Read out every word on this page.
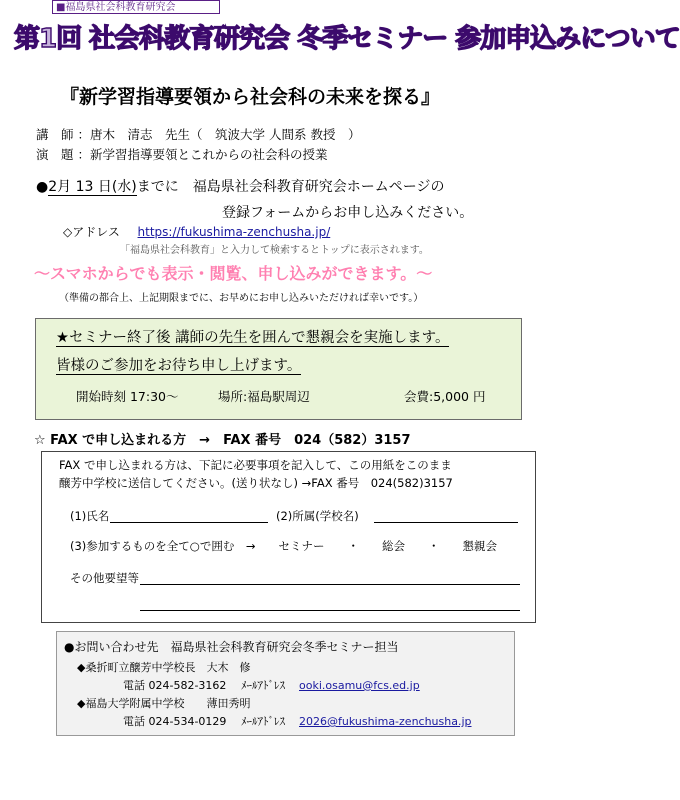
■福島県社会科教育研究会
第1回 社会科教育研究会 冬季セミナー 参加申込みについて
『新学習指導要領から社会科の未来を探る』
講　師 ：唐木　清志　先生（　筑波大学 人間系 教授　）
演　題 ：新学習指導要領とこれからの社会科の授業
●2月 13 日(水)までに　福島県社会科教育研究会ホームページの
登録フォームからお申し込みください。
◇アドレス https://fukushima-zenchusha.jp/
「福島県社会科教育」と入力して検索するとトップに表示されます。
～スマホからでも表示・閲覧、申し込みができます。～
（準備の都合上、上記期限までに、お早めにお申し込みいただければ幸いです。）
★セミナー終了後 講師の先生を囲んで懇親会を実施します。
皆様のご参加をお待ち申し上げます。
開始時刻 17:30～	場所:福島駅周辺	会費:5,000 円
☆ FAX で申し込まれる方　→　FAX 番号　024（582）3157
FAX で申し込まれる方は、下記に必要事項を記入して、この用紙をこのまま
醸芳中学校に送信してください。(送り状なし) →FAX 番号　024(582)3157
(1)氏名	(2)所属(学校名)
(3)参加するものを全て○で囲む　→　　セミナー　　・　　総会　　・　　懇親会
その他要望等
●お問い合わせ先　福島県社会科教育研究会冬季セミナー担当
◆桑折町立醸芳中学校長　大木　修
電話 024-582-3162 ﾒｰﾙｱﾄﾞﾚｽ ooki.osamu@fcs.ed.jp
◆福島大学附属中学校　　薄田秀明
電話 024-534-0129 ﾒｰﾙｱﾄﾞﾚｽ 2026@fukushima-zenchusha.jp
